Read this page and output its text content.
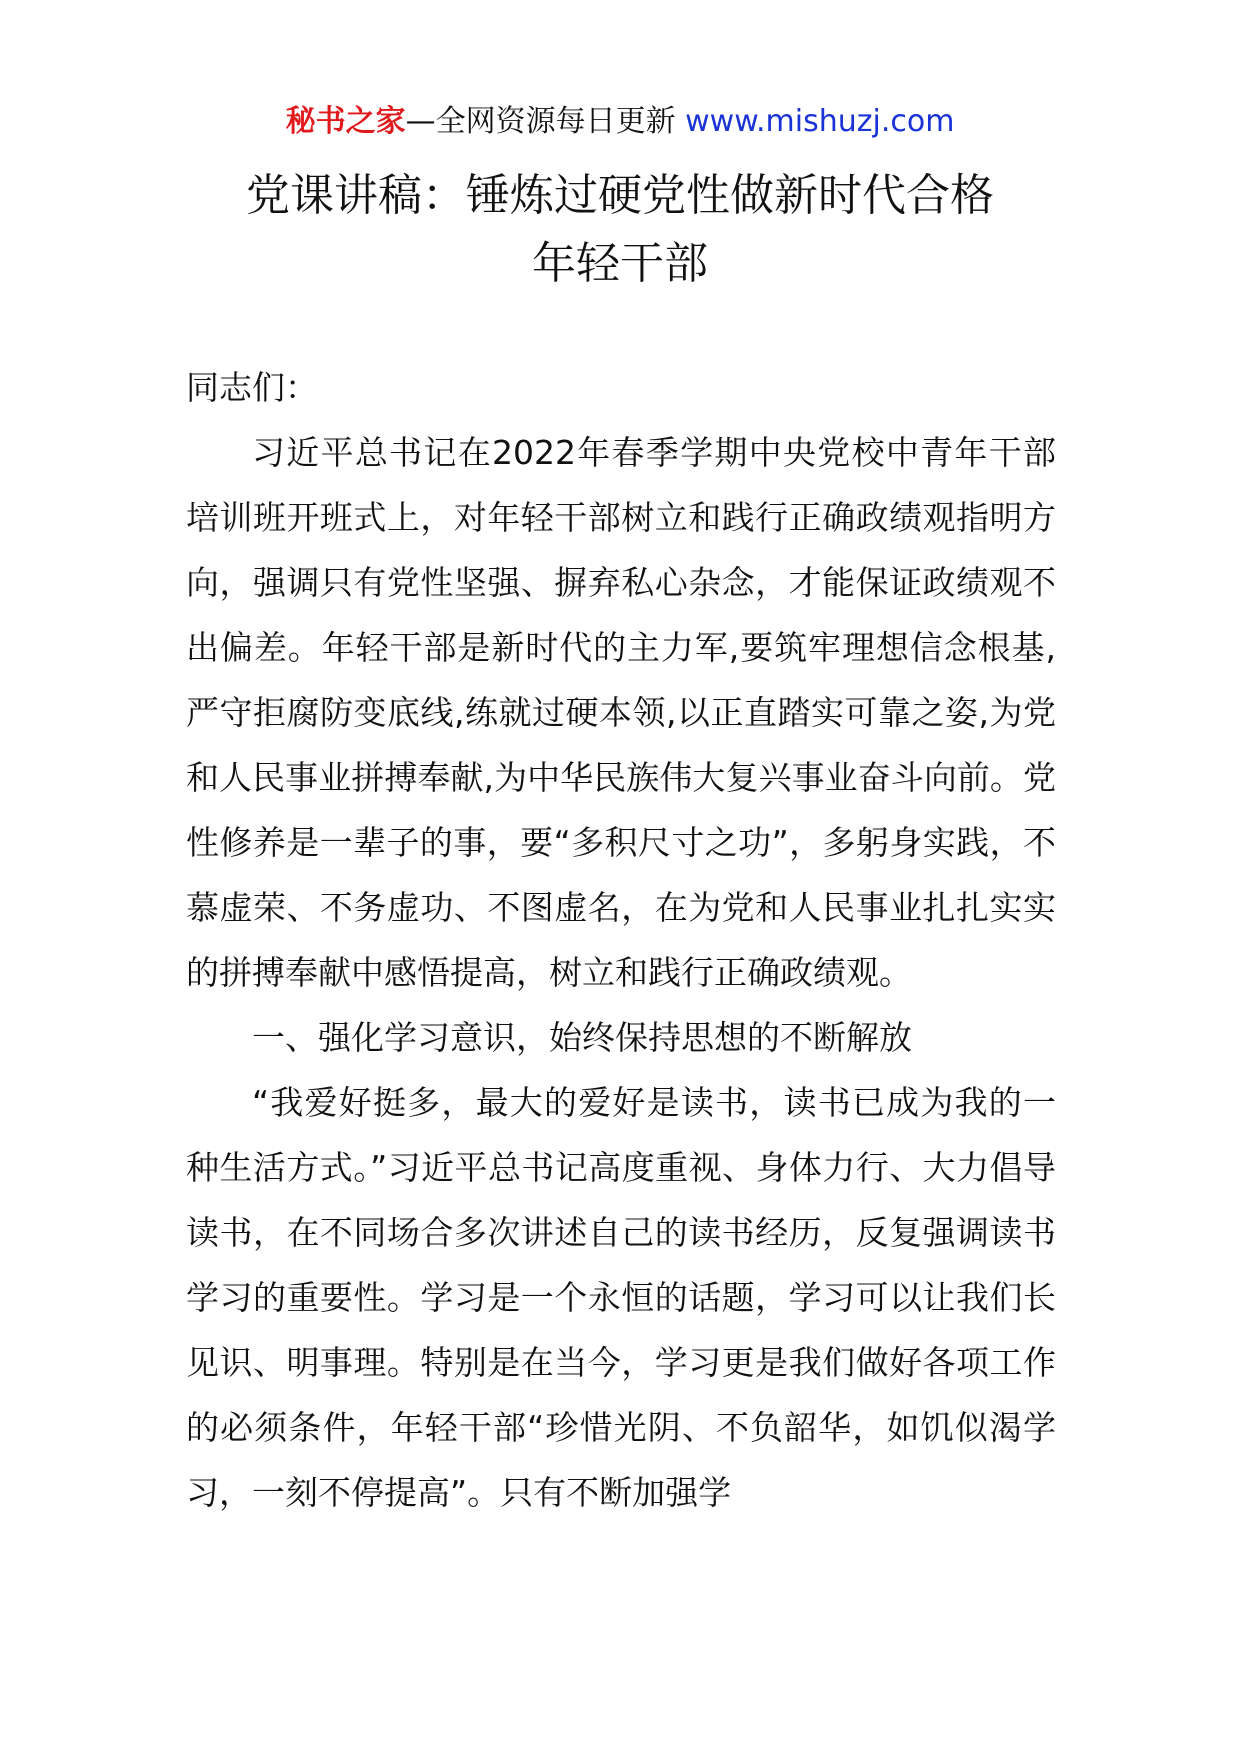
秘书之家—全网资源每日更新 www.mishuzj.com
党课讲稿：锤炼过硬党性做新时代合格
年轻干部

同志们：

习近平总书记在2022年春季学期中央党校中青年干部培训班开班式上，对年轻干部树立和践行正确政绩观指明方向，强调只有党性坚强、摒弃私心杂念，才能保证政绩观不出偏差。年轻干部是新时代的主力军,要筑牢理想信念根基,严守拒腐防变底线,练就过硬本领,以正直踏实可靠之姿,为党和人民事业拼搏奉献,为中华民族伟大复兴事业奋斗向前。党性修养是一辈子的事，要“多积尺寸之功”，多躬身实践，不慕虚荣、不务虚功、不图虚名，在为党和人民事业扎扎实实的拼搏奉献中感悟提高，树立和践行正确政绩观。

一、强化学习意识，始终保持思想的不断解放

“我爱好挺多，最大的爱好是读书，读书已成为我的一种生活方式。”习近平总书记高度重视、身体力行、大力倡导读书，在不同场合多次讲述自己的读书经历，反复强调读书学习的重要性。学习是一个永恒的话题，学习可以让我们长见识、明事理。特别是在当今，学习更是我们做好各项工作的必须条件，年轻干部“珍惜光阴、不负韶华，如饥似渴学习，一刻不停提高”。只有不断加强学
